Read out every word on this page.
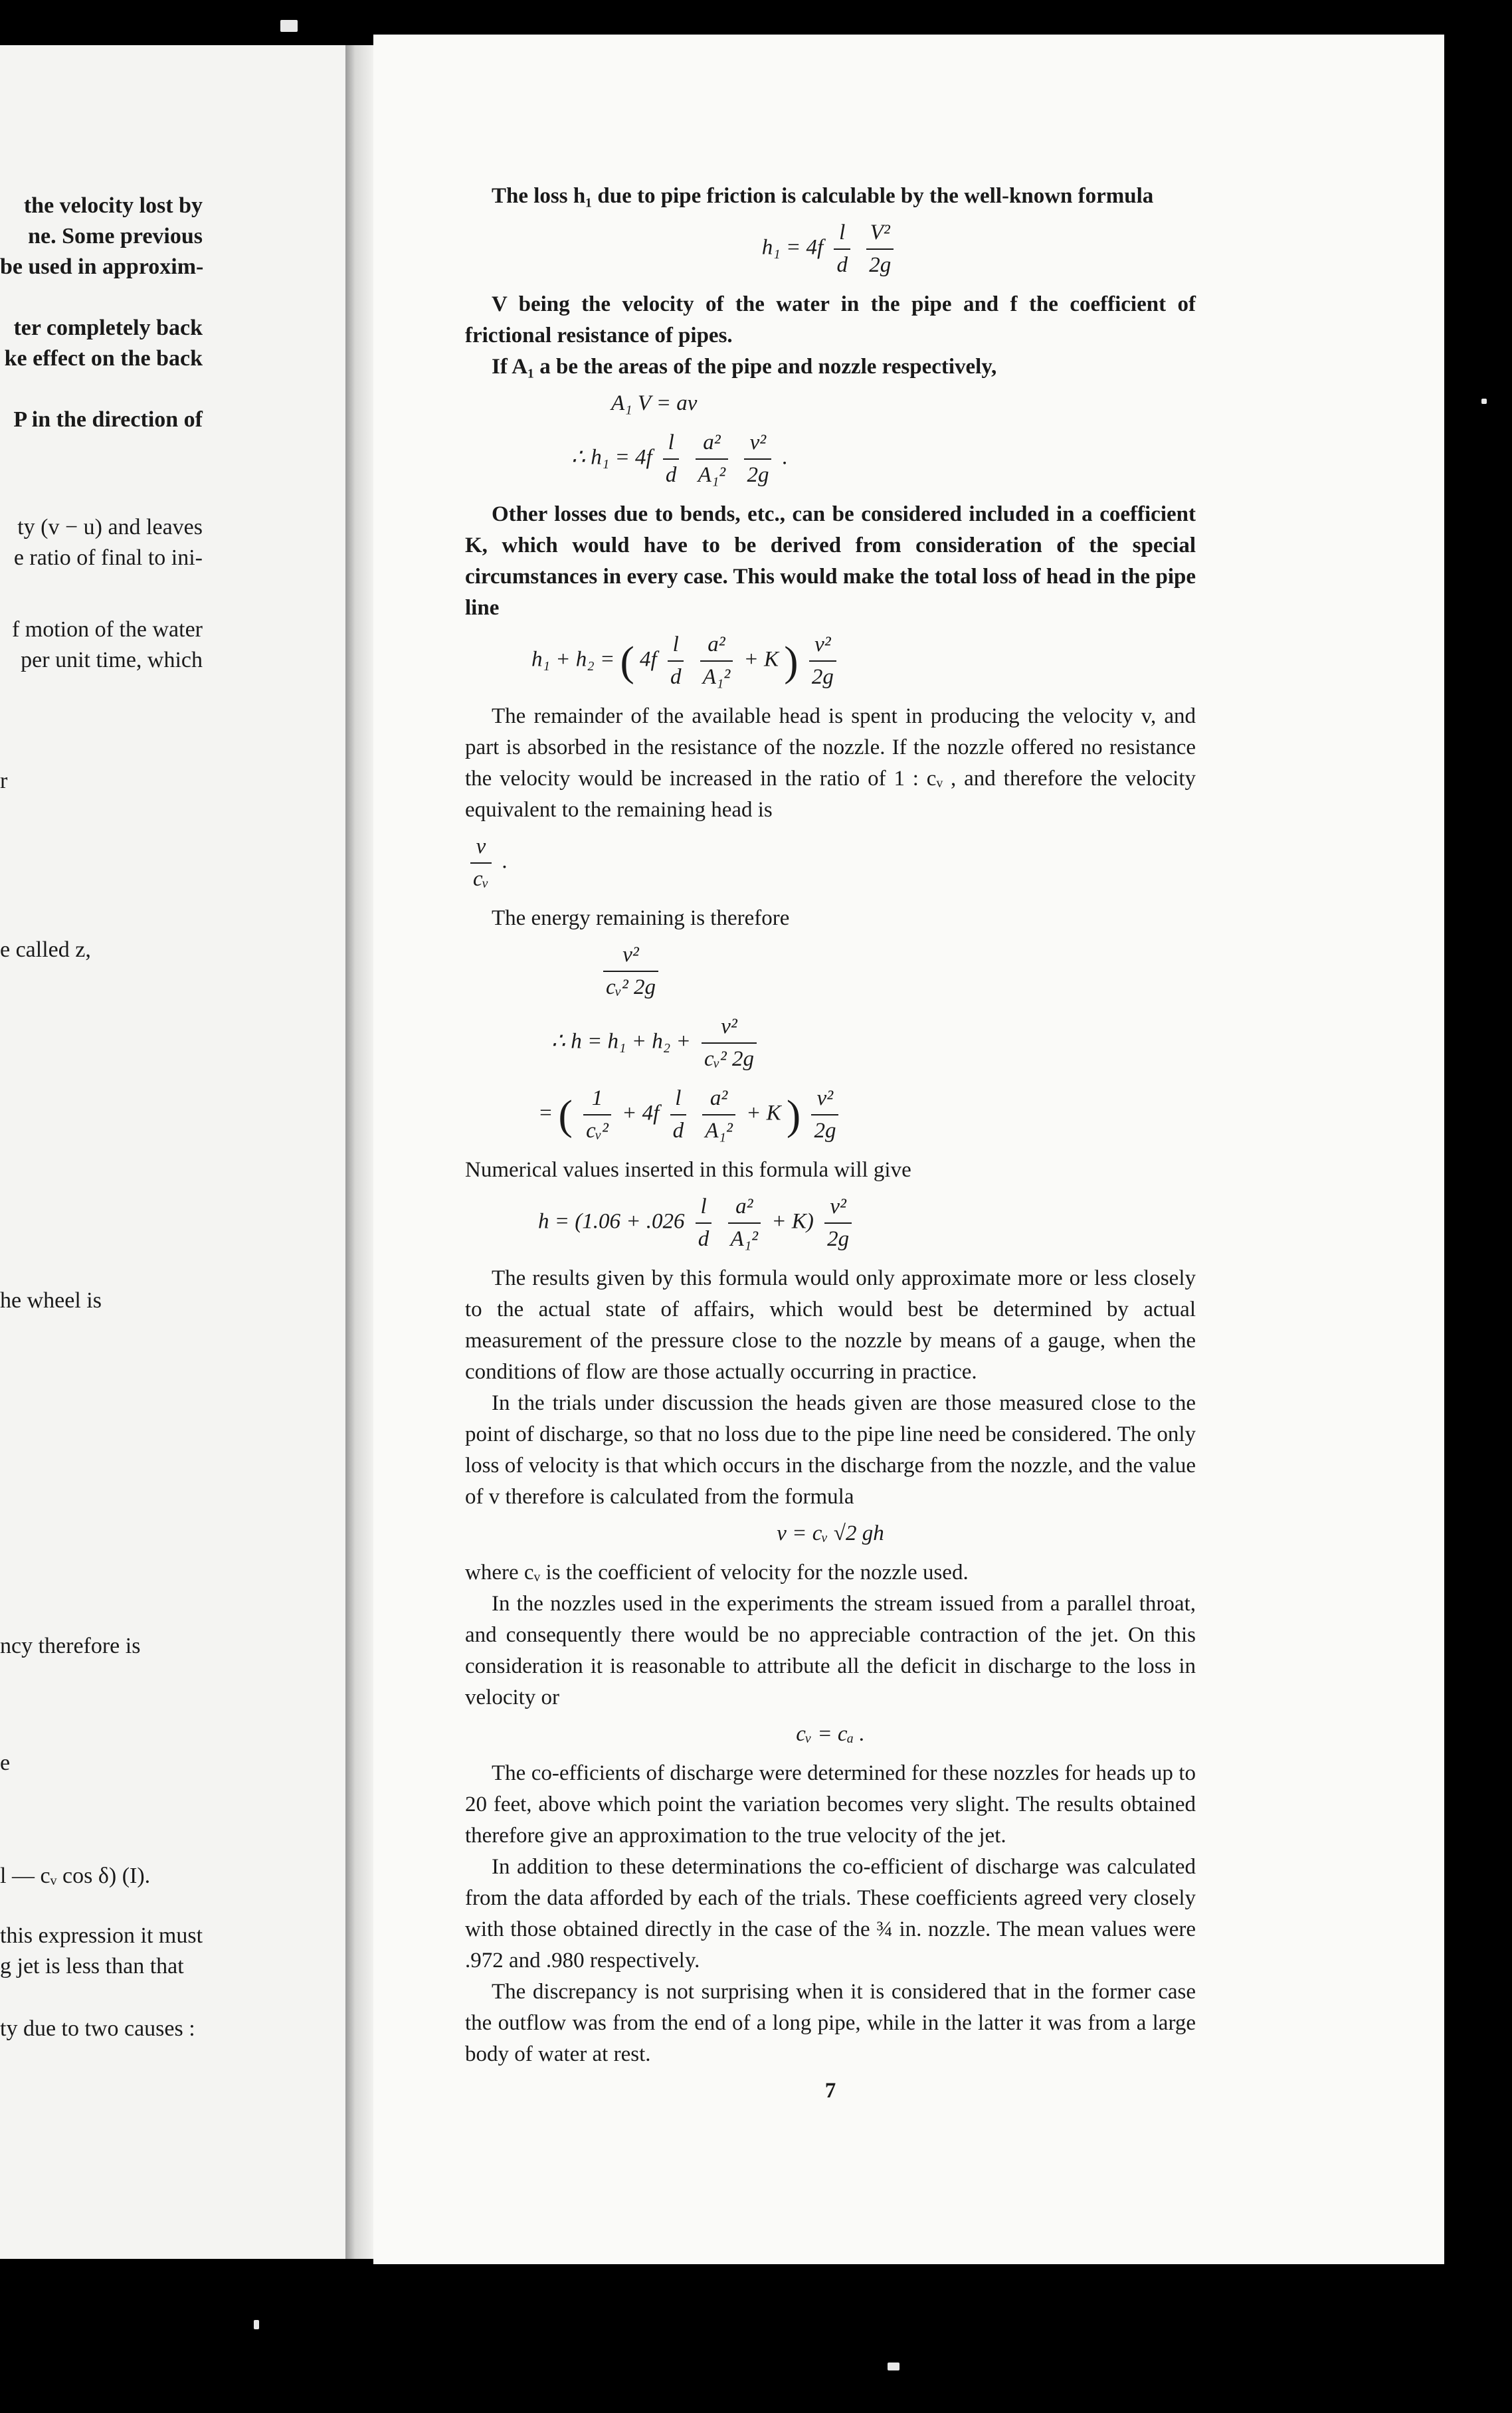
the velocity lost by
ne. Some previous
be used in approxim-
ter completely back
ke effect on the back
P in the direction of
ty (v − u) and leaves
e ratio of final to ini-
f motion of the water
per unit time, which
r
e called z,
he wheel is
ncy therefore is
e
l — cᵥ cos δ) (I).
this expression it must
g jet is less than that
ty due to two causes :

The loss h₁ due to pipe friction is calculable by the well-known formula

$h_1 = 4f \frac{l}{d}$
$\frac{\text{V²}}{2g}$

V being the velocity of the water in the pipe and f the coefficient of frictional resistance of pipes.

If A₁ a be the areas of the pipe and nozzle respectively,

A₁ V = av
∴ $h_1 = 4f \frac{l}{d}$
$\frac{\text{a²}}{\text{A₁²}}$
$\frac{\text{v²}}{2g}$ .

Other losses due to bends, etc., can be considered included in a coefficient K, which would have to be derived from consideration of the special circumstances in every case. This would make the total loss of head in the pipe line

h₁ + h₂ = ( $4f \frac{l}{d}$
$\frac{\text{a²}}{\text{A₁²}} + K$ ) $\frac{\text{v²}}{2g}$

The remainder of the available head is spent in producing the velocity v, and part is absorbed in the resistance of the nozzle. If the nozzle offered no resistance the velocity would be increased in the ratio of 1 : cᵥ , and therefore the velocity equivalent to the remaining head is

$\frac{v}{\text{cᵥ}}$ .

The energy remaining is therefore

$\frac{\text{v²}}{\text{cᵥ² 2g}}$
∴ $h = h_1 + h_2 + \frac{\text{v²}}{\text{cᵥ² 2g}}$
= ( $\frac{1}{\text{cᵥ²}} + 4f \frac{l}{d}$
$\frac{\text{a²}}{\text{A₁²}} + K$ ) $\frac{\text{v²}}{2g}$

Numerical values inserted in this formula will give

$h = (1.06 + .026 \frac{l}{d}$
$\frac{\text{a²}}{\text{A₁²}} + K) \frac{\text{v²}}{2g}$

The results given by this formula would only approximate more or less closely to the actual state of affairs, which would best be determined by actual measurement of the pressure close to the nozzle by means of a gauge, when the conditions of flow are those actually occurring in practice.

In the trials under discussion the heads given are those measured close to the point of discharge, so that no loss due to the pipe line need be considered. The only loss of velocity is that which occurs in the discharge from the nozzle, and the value of v therefore is calculated from the formula

v = cᵥ √2 gh

where cᵥ is the coefficient of velocity for the nozzle used.

In the nozzles used in the experiments the stream issued from a parallel throat, and consequently there would be no appreciable contraction of the jet. On this consideration it is reasonable to attribute all the deficit in discharge to the loss in velocity or

cᵥ = cₐ .

The co-efficients of discharge were determined for these nozzles for heads up to 20 feet, above which point the variation becomes very slight. The results obtained therefore give an approximation to the true velocity of the jet.

In addition to these determinations the co-efficient of discharge was calculated from the data afforded by each of the trials. These coefficients agreed very closely with those obtained directly in the case of the ¾ in. nozzle. The mean values were .972 and .980 respectively.

The discrepancy is not surprising when it is considered that in the former case the outflow was from the end of a long pipe, while in the latter it was from a large body of water at rest.

7
